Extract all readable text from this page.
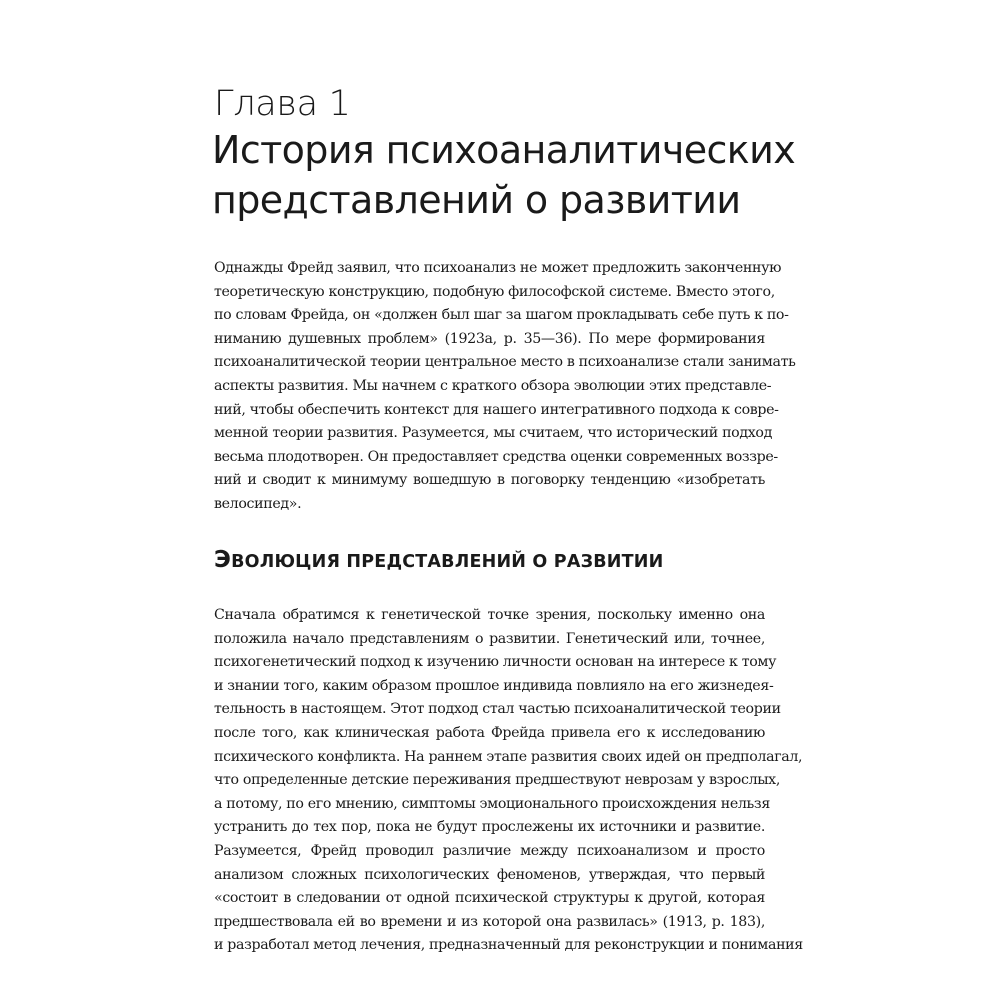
Глава 1
История психоаналитических
представлений о развитии
Однажды Фрейд заявил, что психоанализ не может предложить законченную
теоретическую конструкцию, подобную философской системе. Вместо этого,
по словам Фрейда, он «должен был шаг за шагом прокладывать себе путь к по-
ниманию душевных проблем» (1923а, р. 35—36). По мере формирования
психоаналитической теории центральное место в психоанализе стали занимать
аспекты развития. Мы начнем с краткого обзора эволюции этих представле-
ний, чтобы обеспечить контекст для нашего интегративного подхода к совре-
менной теории развития. Разумеется, мы считаем, что исторический подход
весьма плодотворен. Он предоставляет средства оценки современных воззре-
ний и сводит к минимуму вошедшую в поговорку тенденцию «изобретать
велосипед».
ЭВОЛЮЦИЯ ПРЕДСТАВЛЕНИЙ О РАЗВИТИИ
Сначала обратимся к генетической точке зрения, поскольку именно она
положила начало представлениям о развитии. Генетический или, точнее,
психогенетический подход к изучению личности основан на интересе к тому
и знании того, каким образом прошлое индивида повлияло на его жизнедея-
тельность в настоящем. Этот подход стал частью психоаналитической теории
после того, как клиническая работа Фрейда привела его к исследованию
психического конфликта. На раннем этапе развития своих идей он предполагал,
что определенные детские переживания предшествуют неврозам у взрослых,
а потому, по его мнению, симптомы эмоционального происхождения нельзя
устранить до тех пор, пока не будут прослежены их источники и развитие.
Разумеется, Фрейд проводил различие между психоанализом и просто
анализом сложных психологических феноменов, утверждая, что первый
«состоит в следовании от одной психической структуры к другой, которая
предшествовала ей во времени и из которой она развилась» (1913, р. 183),
и разработал метод лечения, предназначенный для реконструкции и понимания
